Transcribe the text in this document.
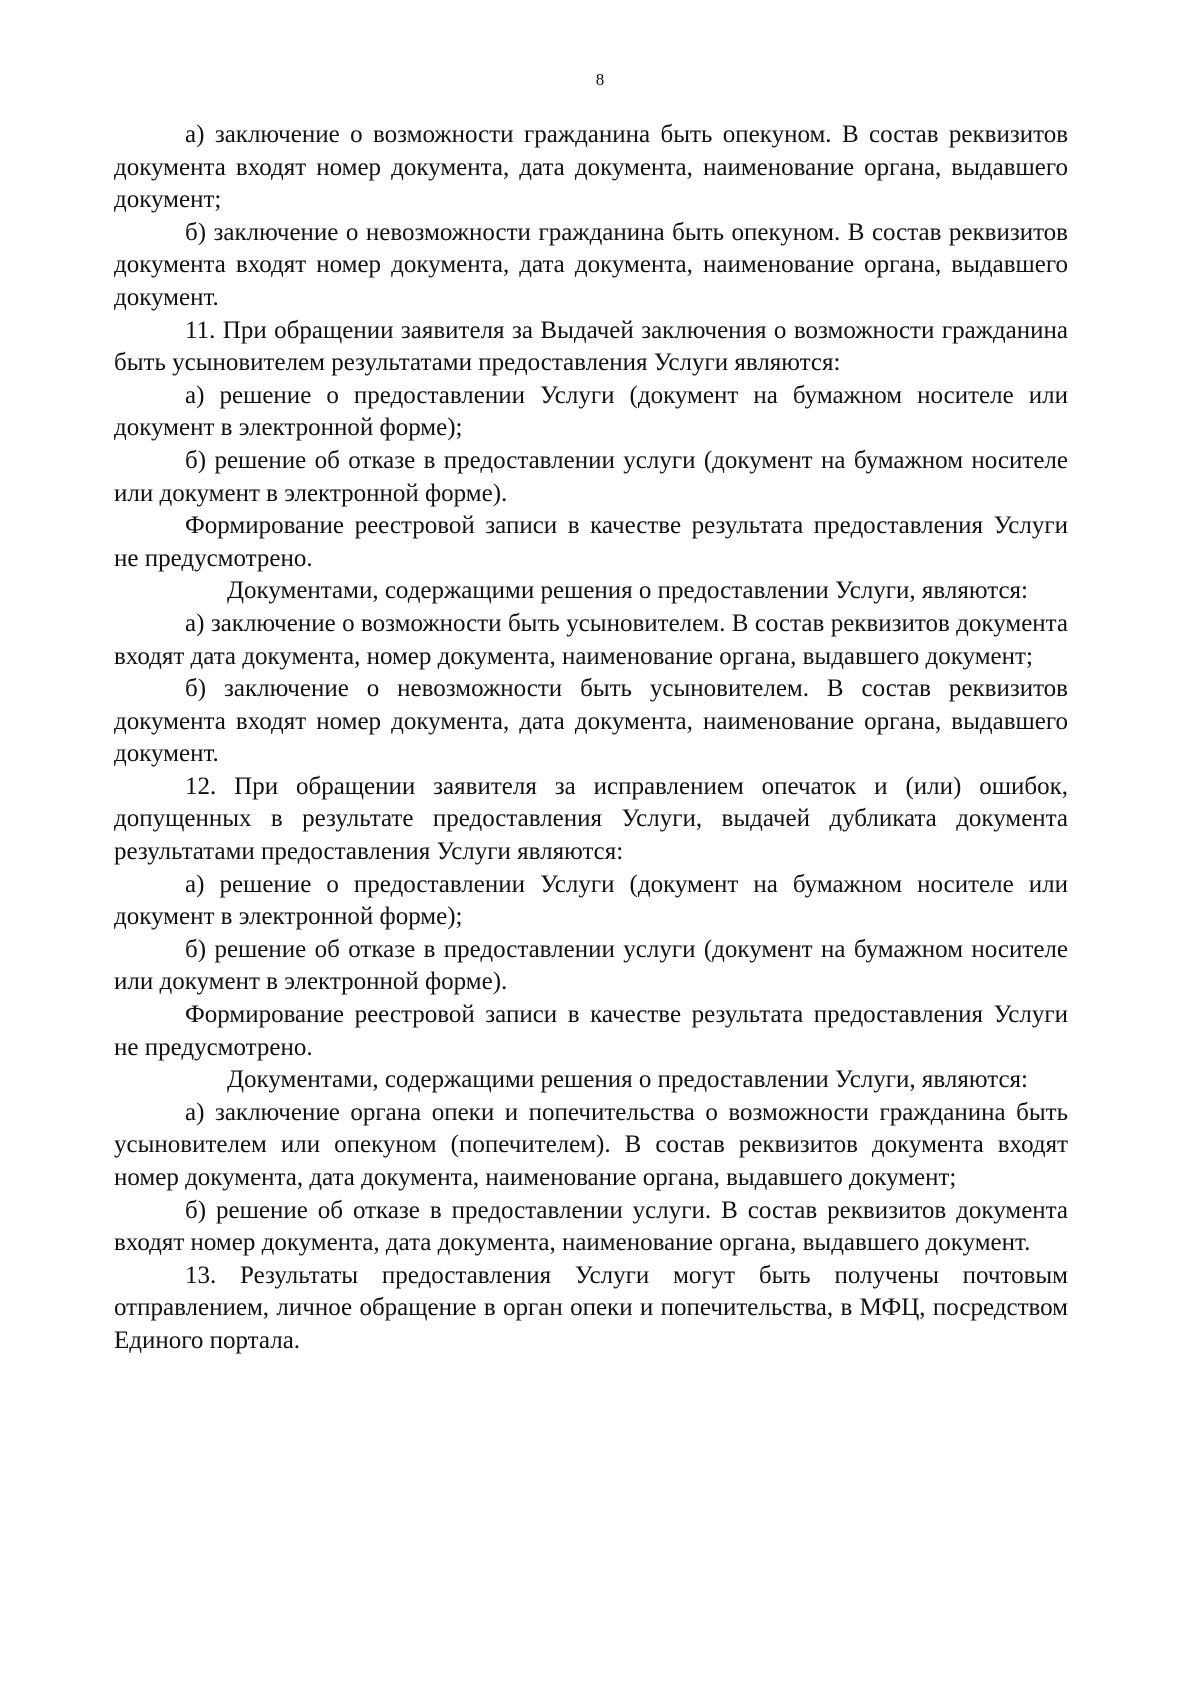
8

а) заключение о возможности гражданина быть опекуном. В состав реквизитов документа входят номер документа, дата документа, наименование органа, выдавшего документ;

б) заключение о невозможности гражданина быть опекуном. В состав реквизитов документа входят номер документа, дата документа, наименование органа, выдавшего документ.

11. При обращении заявителя за Выдачей заключения о возможности гражданина быть усыновителем результатами предоставления Услуги являются:

а) решение о предоставлении Услуги (документ на бумажном носителе или документ в электронной форме);

б) решение об отказе в предоставлении услуги (документ на бумажном носителе или документ в электронной форме).

Формирование реестровой записи в качестве результата предоставления Услуги не предусмотрено.

Документами, содержащими решения о предоставлении Услуги, являются:

а) заключение о возможности быть усыновителем. В состав реквизитов документа входят дата документа, номер документа, наименование органа, выдавшего документ;

б) заключение о невозможности быть усыновителем. В состав реквизитов документа входят номер документа, дата документа, наименование органа, выдавшего документ.

12. При обращении заявителя за исправлением опечаток и (или) ошибок, допущенных в результате предоставления Услуги, выдачей дубликата документа результатами предоставления Услуги являются:

а) решение о предоставлении Услуги (документ на бумажном носителе или документ в электронной форме);

б) решение об отказе в предоставлении услуги (документ на бумажном носителе или документ в электронной форме).

Формирование реестровой записи в качестве результата предоставления Услуги не предусмотрено.

Документами, содержащими решения о предоставлении Услуги, являются:

а) заключение органа опеки и попечительства о возможности гражданина быть усыновителем или опекуном (попечителем). В состав реквизитов документа входят номер документа, дата документа, наименование органа, выдавшего документ;

б) решение об отказе в предоставлении услуги. В состав реквизитов документа входят номер документа, дата документа, наименование органа, выдавшего документ.

13. Результаты предоставления Услуги могут быть получены почтовым отправлением, личное обращение в орган опеки и попечительства, в МФЦ, посредством Единого портала.
